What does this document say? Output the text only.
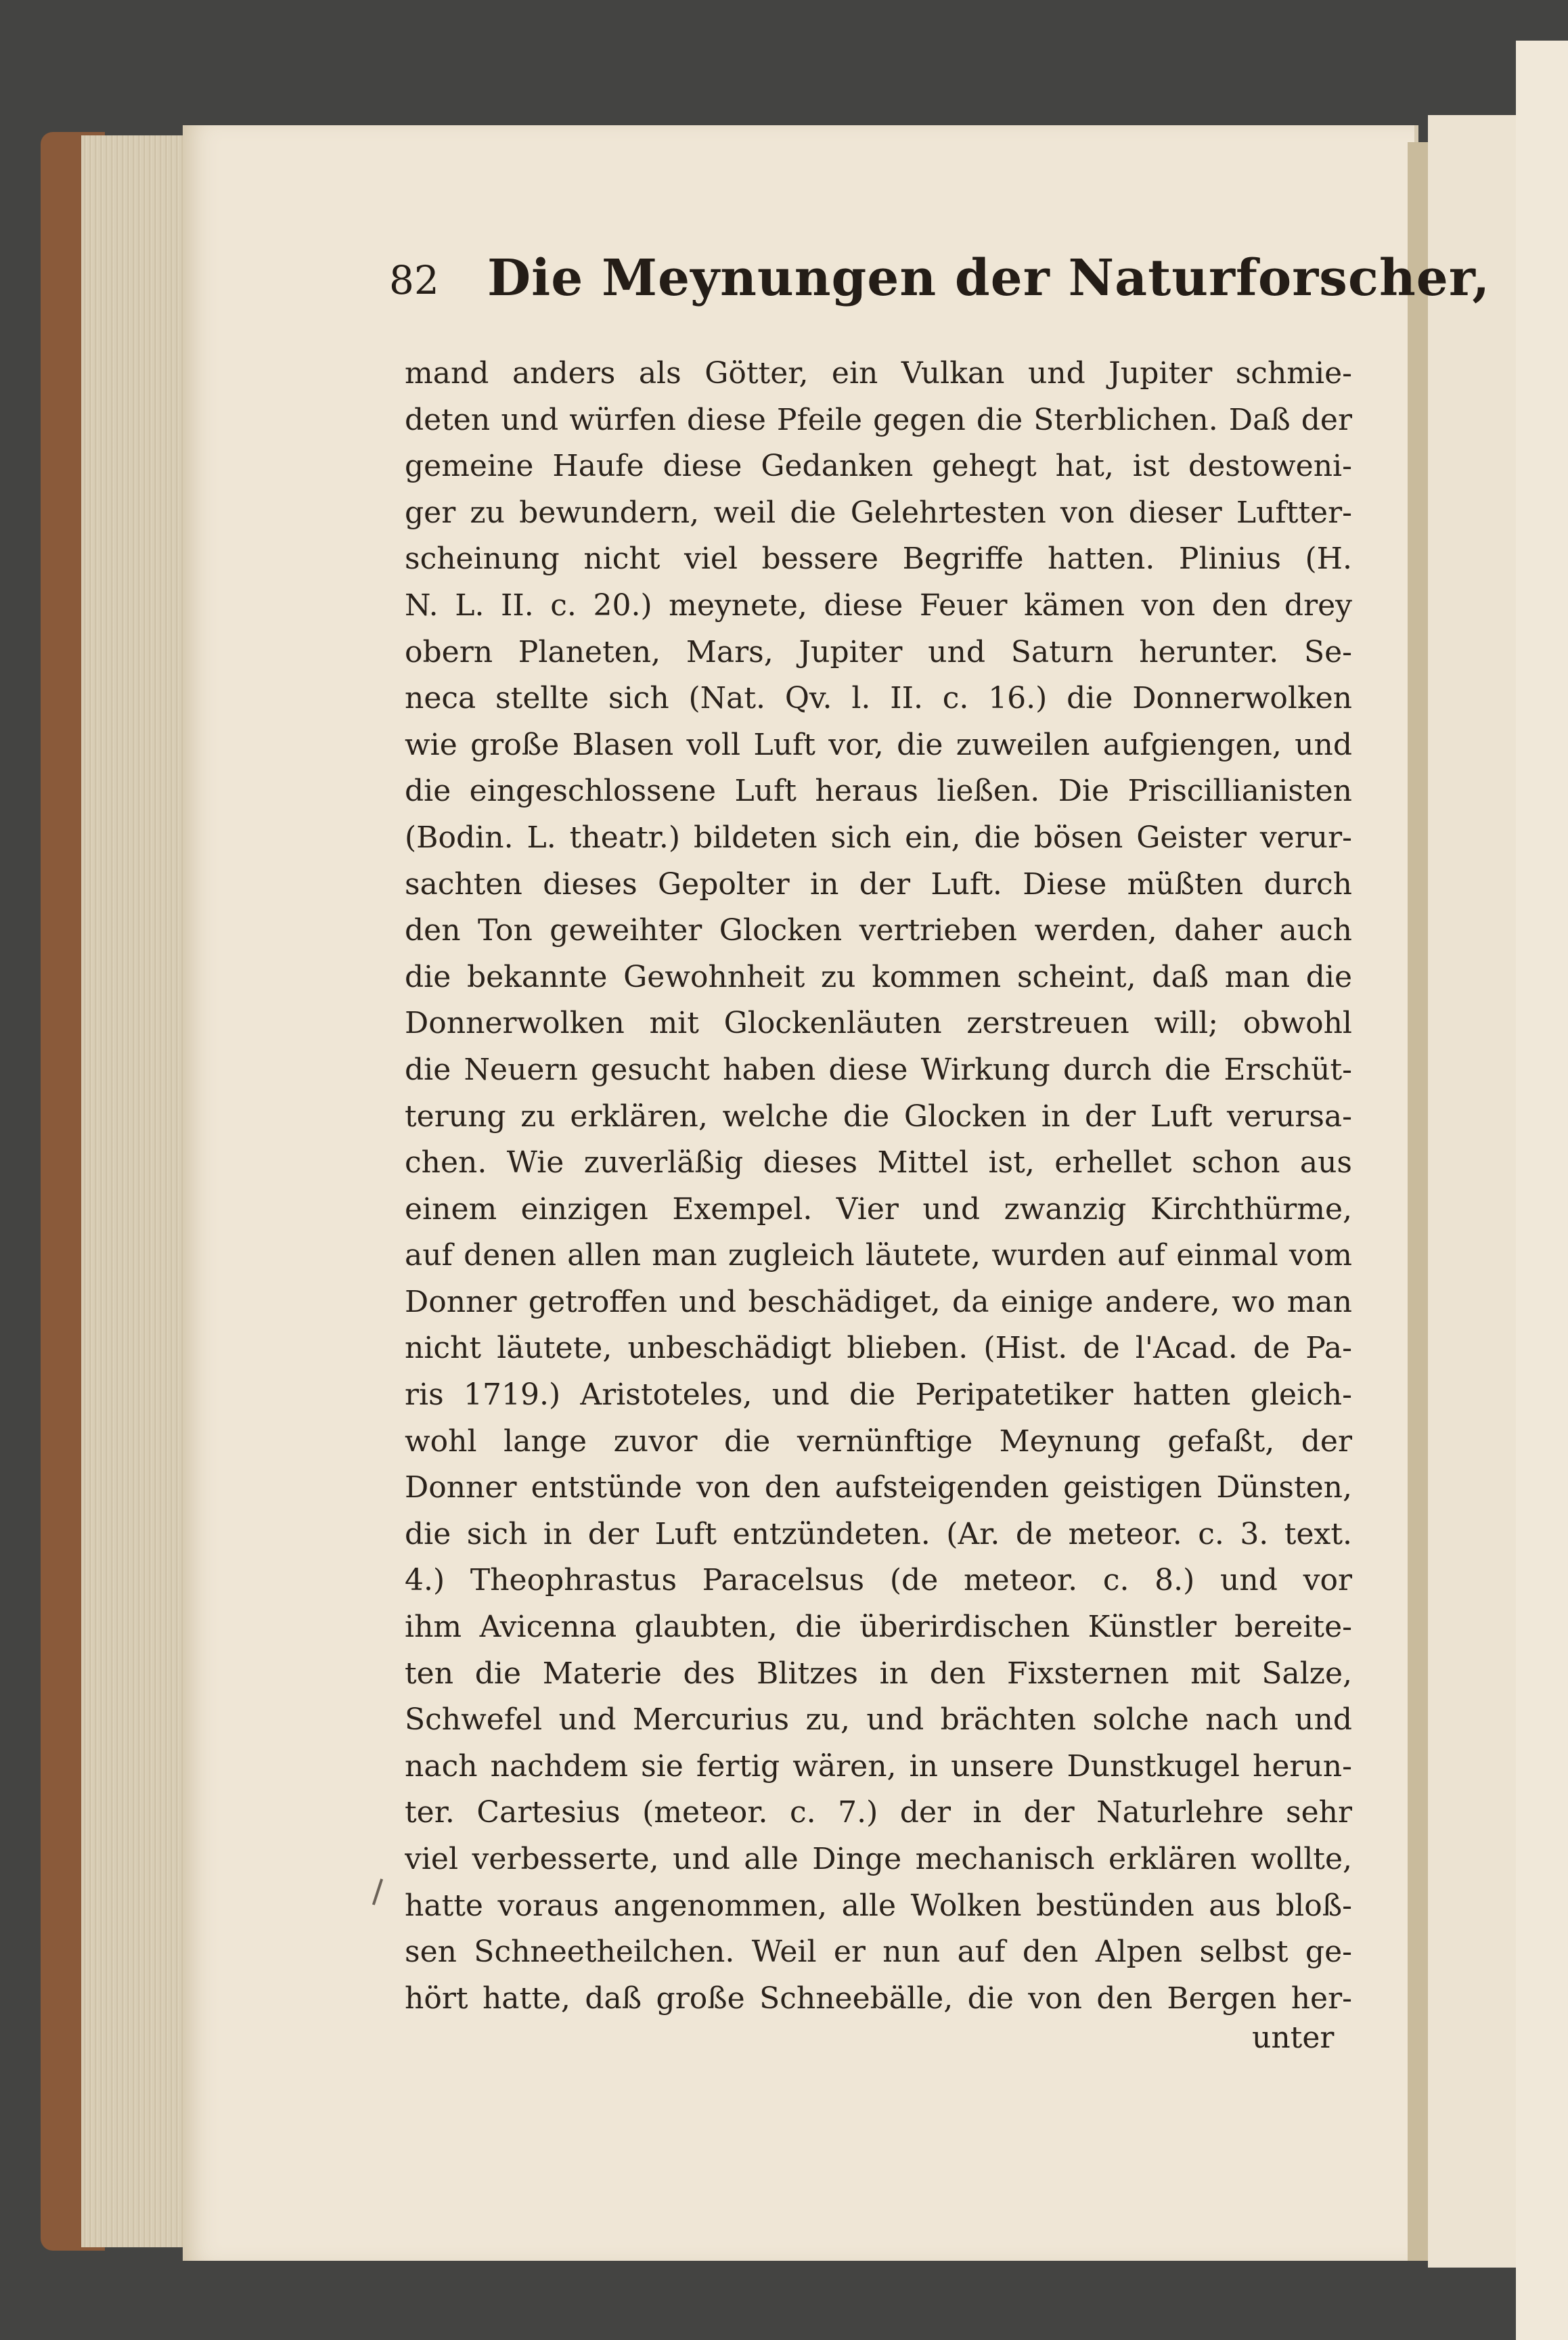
82 Die Meynungen der Naturforscher,
mand anders als Götter, ein Vulkan und Jupiter schmie-
deten und würfen diese Pfeile gegen die Sterblichen. Daß der
gemeine Haufe diese Gedanken gehegt hat, ist destoweni-
ger zu bewundern, weil die Gelehrtesten von dieser Luftter-
scheinung nicht viel bessere Begriffe hatten. Plinius (H.
N. L. II. c. 20.) meynete, diese Feuer kämen von den drey
obern Planeten, Mars, Jupiter und Saturn herunter. Se-
neca stellte sich (Nat. Qv. l. II. c. 16.) die Donnerwolken
wie große Blasen voll Luft vor, die zuweilen aufgiengen, und
die eingeschlossene Luft heraus ließen. Die Priscillianisten
(Bodin. L. theatr.) bildeten sich ein, die bösen Geister verur-
sachten dieses Gepolter in der Luft. Diese müßten durch
den Ton geweihter Glocken vertrieben werden, daher auch
die bekannte Gewohnheit zu kommen scheint, daß man die
Donnerwolken mit Glockenläuten zerstreuen will; obwohl
die Neuern gesucht haben diese Wirkung durch die Erschüt-
terung zu erklären, welche die Glocken in der Luft verursa-
chen. Wie zuverläßig dieses Mittel ist, erhellet schon aus
einem einzigen Exempel. Vier und zwanzig Kirchthürme,
auf denen allen man zugleich läutete, wurden auf einmal vom
Donner getroffen und beschädiget, da einige andere, wo man
nicht läutete, unbeschädigt blieben. (Hist. de l'Acad. de Pa-
ris 1719.) Aristoteles, und die Peripatetiker hatten gleich-
wohl lange zuvor die vernünftige Meynung gefaßt, der
Donner entstünde von den aufsteigenden geistigen Dünsten,
die sich in der Luft entzündeten. (Ar. de meteor. c. 3. text.
4.) Theophrastus Paracelsus (de meteor. c. 8.) und vor
ihm Avicenna glaubten, die überirdischen Künstler bereite-
ten die Materie des Blitzes in den Fixsternen mit Salze,
Schwefel und Mercurius zu, und brächten solche nach und
nach nachdem sie fertig wären, in unsere Dunstkugel herun-
ter. Cartesius (meteor. c. 7.) der in der Naturlehre sehr
viel verbesserte, und alle Dinge mechanisch erklären wollte,
hatte voraus angenommen, alle Wolken bestünden aus bloß-
sen Schneetheilchen. Weil er nun auf den Alpen selbst ge-
hört hatte, daß große Schneebälle, die von den Bergen her-
unter
